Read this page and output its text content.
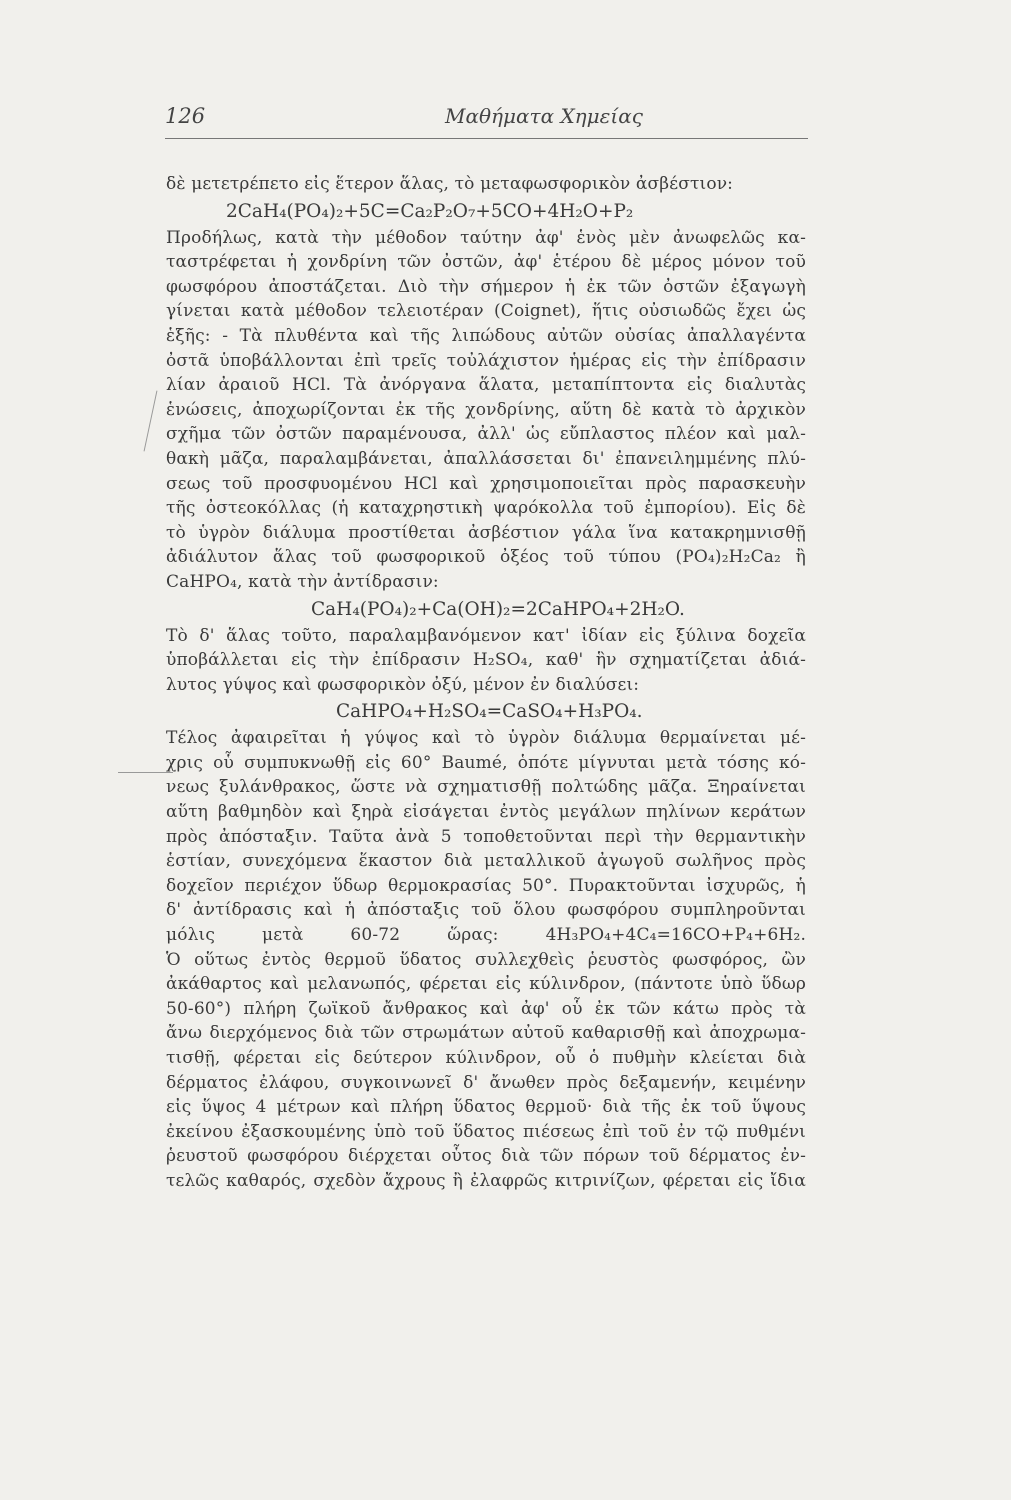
126	Μαθήματα Χημείας
δὲ μετετρέπετο εἰς ἕτερον ἅλας, τὸ μεταφωσφορικὸν ἀσβέστιον:
2CaH₄(PO₄)₂+5C=Ca₂P₂O₇+5CO+4H₂O+P₂
Προδήλως, κατὰ τὴν μέθοδον ταύτην ἀφ' ἑνὸς μὲν ἀνωφελῶς κα-
ταστρέφεται ἡ χονδρίνη τῶν ὀστῶν, ἀφ' ἑτέρου δὲ μέρος μόνον τοῦ
φωσφόρου ἀποστάζεται. Διὸ τὴν σήμερον ἡ ἐκ τῶν ὀστῶν ἐξαγωγὴ
γίνεται κατὰ μέθοδον τελειοτέραν (Coignet), ἥτις οὐσιωδῶς ἔχει ὡς
ἑξῆς: - Τὰ πλυθέντα καὶ τῆς λιπώδους αὐτῶν οὐσίας ἀπαλλαγέντα
ὀστᾶ ὑποβάλλονται ἐπὶ τρεῖς τοὐλάχιστον ἡμέρας εἰς τὴν ἐπίδρασιν
λίαν ἀραιοῦ HCl. Τὰ ἀνόργανα ἅλατα, μεταπίπτοντα εἰς διαλυτὰς
ἑνώσεις, ἀποχωρίζονται ἐκ τῆς χονδρίνης, αὕτη δὲ κατὰ τὸ ἀρχικὸν
σχῆμα τῶν ὀστῶν παραμένουσα, ἀλλ' ὡς εὔπλαστος πλέον καὶ μαλ-
θακὴ μᾶζα, παραλαμβάνεται, ἀπαλλάσσεται δι' ἐπανειλημμένης πλύ-
σεως τοῦ προσφυομένου HCl καὶ χρησιμοποιεῖται πρὸς παρασκευὴν
τῆς ὀστεοκόλλας (ἡ καταχρηστικὴ ψαρόκολλα τοῦ ἐμπορίου). Εἰς δὲ
τὸ ὑγρὸν διάλυμα προστίθεται ἀσβέστιον γάλα ἵνα κατακρημνισθῇ
ἀδιάλυτον ἅλας τοῦ φωσφορικοῦ ὀξέος τοῦ τύπου (PO₄)₂H₂Ca₂ ἢ
CaHPO₄, κατὰ τὴν ἀντίδρασιν:
CaH₄(PO₄)₂+Ca(OH)₂=2CaHPO₄+2H₂O.
Τὸ δ' ἅλας τοῦτο, παραλαμβανόμενον κατ' ἰδίαν εἰς ξύλινα δοχεῖα
ὑποβάλλεται εἰς τὴν ἐπίδρασιν H₂SO₄, καθ' ἣν σχηματίζεται ἀδιά-
λυτος γύψος καὶ φωσφορικὸν ὀξύ, μένον ἐν διαλύσει:
CaHPO₄+H₂SO₄=CaSO₄+H₃PO₄.
Τέλος ἀφαιρεῖται ἡ γύψος καὶ τὸ ὑγρὸν διάλυμα θερμαίνεται μέ-
χρις οὗ συμπυκνωθῇ εἰς 60° Baumé, ὁπότε μίγνυται μετὰ τόσης κό-
νεως ξυλάνθρακος, ὥστε νὰ σχηματισθῇ πολτώδης μᾶζα. Ξηραίνεται
αὕτη βαθμηδὸν καὶ ξηρὰ εἰσάγεται ἐντὸς μεγάλων πηλίνων κεράτων
πρὸς ἀπόσταξιν. Ταῦτα ἀνὰ 5 τοποθετοῦνται περὶ τὴν θερμαντικὴν
ἑστίαν, συνεχόμενα ἕκαστον διὰ μεταλλικοῦ ἀγωγοῦ σωλῆνος πρὸς
δοχεῖον περιέχον ὕδωρ θερμοκρασίας 50°. Πυρακτοῦνται ἰσχυρῶς, ἡ
δ' ἀντίδρασις καὶ ἡ ἀπόσταξις τοῦ ὅλου φωσφόρου συμπληροῦνται
μόλις μετὰ 60-72 ὥρας: 4H₃PO₄+4C₄=16CO+P₄+6H₂.
Ὁ οὕτως ἐντὸς θερμοῦ ὕδατος συλλεχθεὶς ῥευστὸς φωσφόρος, ὢν
ἀκάθαρτος καὶ μελανωπός, φέρεται εἰς κύλινδρον, (πάντοτε ὑπὸ ὕδωρ
50-60°) πλήρη ζωϊκοῦ ἄνθρακος καὶ ἀφ' οὗ ἐκ τῶν κάτω πρὸς τὰ
ἄνω διερχόμενος διὰ τῶν στρωμάτων αὐτοῦ καθαρισθῇ καὶ ἀποχρωμα-
τισθῇ, φέρεται εἰς δεύτερον κύλινδρον, οὗ ὁ πυθμὴν κλείεται διὰ
δέρματος ἐλάφου, συγκοινωνεῖ δ' ἄνωθεν πρὸς δεξαμενήν, κειμένην
εἰς ὕψος 4 μέτρων καὶ πλήρη ὕδατος θερμοῦ· διὰ τῆς ἐκ τοῦ ὕψους
ἐκείνου ἐξασκουμένης ὑπὸ τοῦ ὕδατος πιέσεως ἐπὶ τοῦ ἐν τῷ πυθμένι
ῥευστοῦ φωσφόρου διέρχεται οὗτος διὰ τῶν πόρων τοῦ δέρματος ἐν-
τελῶς καθαρός, σχεδὸν ἄχρους ἢ ἐλαφρῶς κιτρινίζων, φέρεται εἰς ἴδια
